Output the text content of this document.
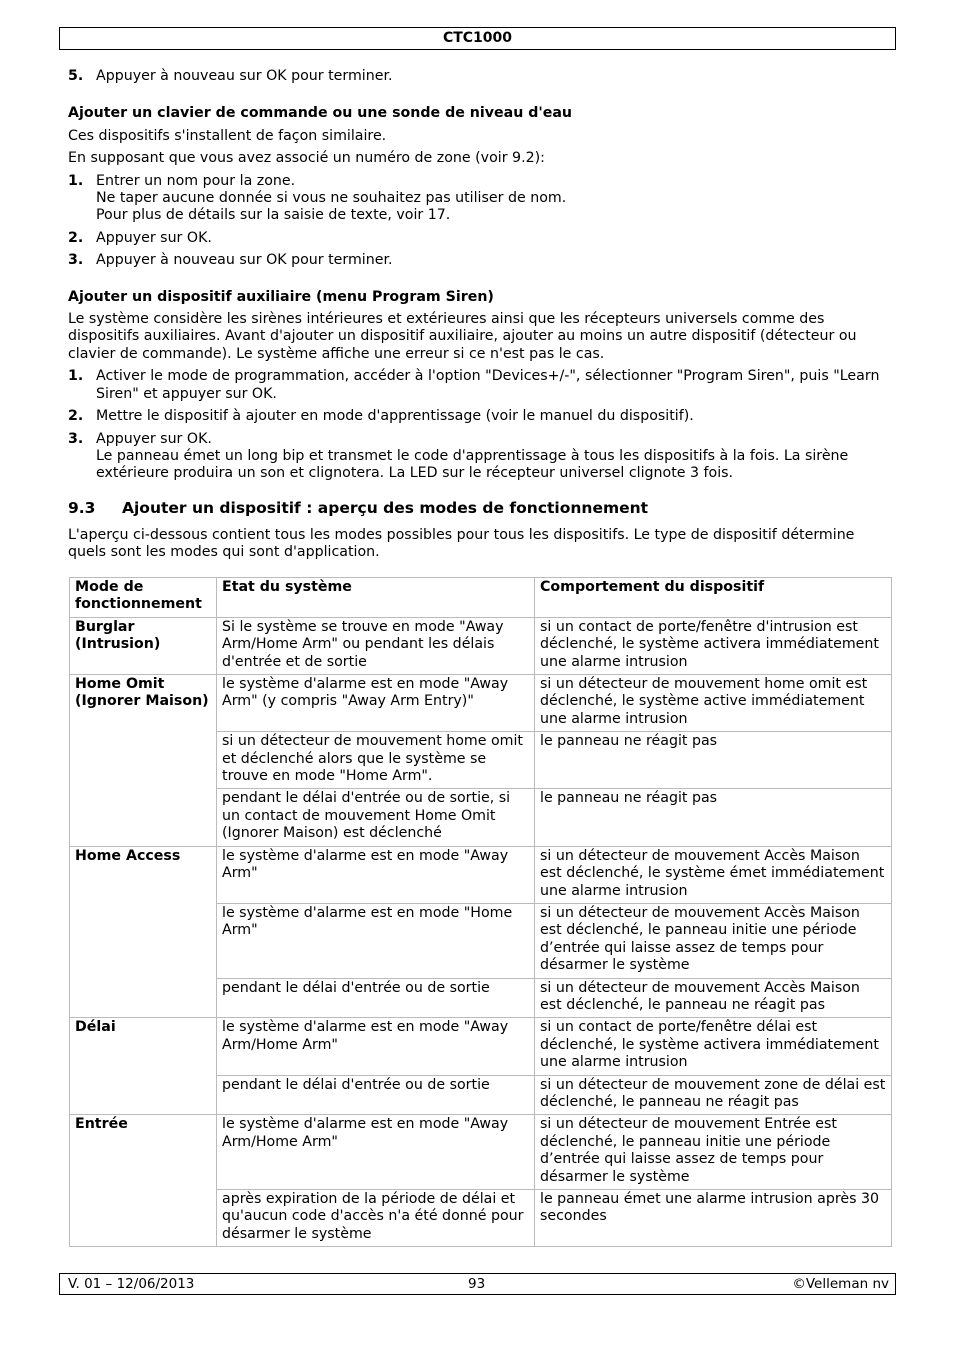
CTC1000
5. Appuyer à nouveau sur OK pour terminer.

Ajouter un clavier de commande ou une sonde de niveau d'eau

Ces dispositifs s'installent de façon similaire.

En supposant que vous avez associé un numéro de zone (voir 9.2):

1. Entrer un nom pour la zone.

Ne taper aucune donnée si vous ne souhaitez pas utiliser de nom.

Pour plus de détails sur la saisie de texte, voir 17.

2. Appuyer sur OK.

3. Appuyer à nouveau sur OK pour terminer.

Ajouter un dispositif auxiliaire (menu Program Siren)

Le système considère les sirènes intérieures et extérieures ainsi que les récepteurs universels comme des dispositifs auxiliaires. Avant d'ajouter un dispositif auxiliaire, ajouter au moins un autre dispositif (détecteur ou clavier de commande). Le système affiche une erreur si ce n'est pas le cas.

1. Activer le mode de programmation, accéder à l'option "Devices+/-", sélectionner "Program Siren", puis "Learn Siren" et appuyer sur OK.

2. Mettre le dispositif à ajouter en mode d'apprentissage (voir le manuel du dispositif).

3. Appuyer sur OK.

Le panneau émet un long bip et transmet le code d'apprentissage à tous les dispositifs à la fois. La sirène extérieure produira un son et clignotera. La LED sur le récepteur universel clignote 3 fois.

9.3 Ajouter un dispositif : aperçu des modes de fonctionnement

L'aperçu ci-dessous contient tous les modes possibles pour tous les dispositifs. Le type de dispositif détermine quels sont les modes qui sont d'application.

Mode de fonctionnement	Etat du système	Comportement du dispositif
Burglar (Intrusion)	Si le système se trouve en mode "Away Arm/Home Arm" ou pendant les délais d'entrée et de sortie	si un contact de porte/fenêtre d'intrusion est déclenché, le système activera immédiatement une alarme intrusion
Home Omit (Ignorer Maison)	le système d'alarme est en mode "Away Arm" (y compris "Away Arm Entry)"	si un détecteur de mouvement home omit est déclenché, le système active immédiatement une alarme intrusion
	si un détecteur de mouvement home omit et déclenché alors que le système se trouve en mode "Home Arm".	le panneau ne réagit pas
	pendant le délai d'entrée ou de sortie, si un contact de mouvement Home Omit (Ignorer Maison) est déclenché	le panneau ne réagit pas
Home Access	le système d'alarme est en mode "Away Arm"	si un détecteur de mouvement Accès Maison est déclenché, le système émet immédiatement une alarme intrusion
	le système d'alarme est en mode "Home Arm"	si un détecteur de mouvement Accès Maison est déclenché, le panneau initie une période d’entrée qui laisse assez de temps pour désarmer le système
	pendant le délai d'entrée ou de sortie	si un détecteur de mouvement Accès Maison est déclenché, le panneau ne réagit pas
Délai	le système d'alarme est en mode "Away Arm/Home Arm"	si un contact de porte/fenêtre délai est déclenché, le système activera immédiatement une alarme intrusion
	pendant le délai d'entrée ou de sortie	si un détecteur de mouvement zone de délai est déclenché, le panneau ne réagit pas
Entrée	le système d'alarme est en mode "Away Arm/Home Arm"	si un détecteur de mouvement Entrée est déclenché, le panneau initie une période d’entrée qui laisse assez de temps pour désarmer le système
	après expiration de la période de délai et qu'aucun code d'accès n'a été donné pour désarmer le système	le panneau émet une alarme intrusion après 30 secondes
V. 01 – 12/06/2013	93	©Velleman nv
